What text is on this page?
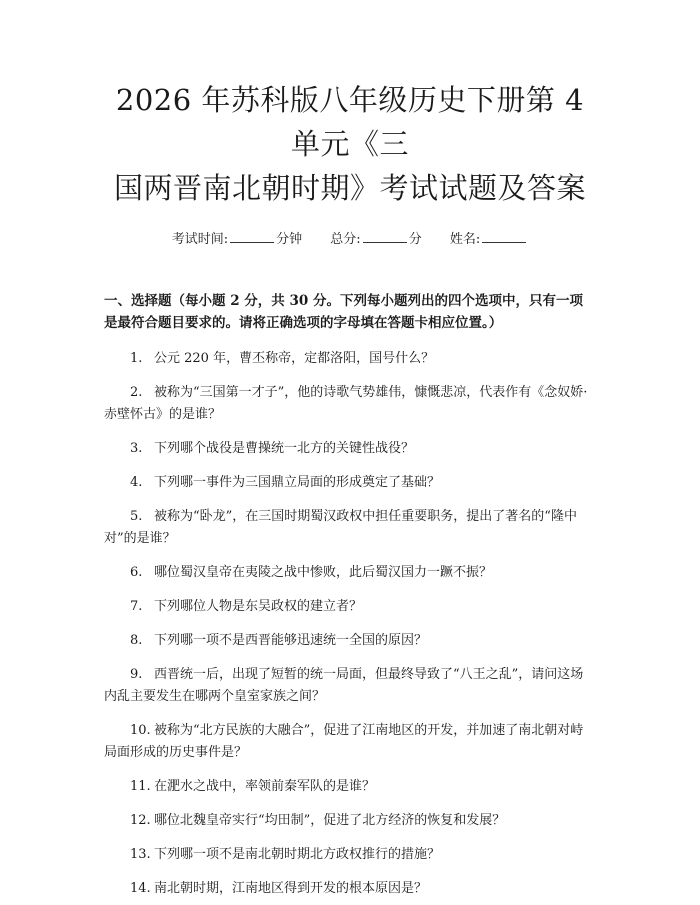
2026 年苏科版八年级历史下册第 4 单元《三
国两晋南北朝时期》考试试题及答案
考试时间:	分钟 总分:	分 姓名:
一、选择题（每小题 2 分，共 30 分。下列每小题列出的四个选项中，只有一项是最符合题目要求的。请将正确选项的字母填在答题卡相应位置。）
1. 公元 220 年，曹丕称帝，定都洛阳，国号什么？
2. 被称为“三国第一才子”，他的诗歌气势雄伟，慷慨悲凉，代表作有《念奴娇·赤壁怀古》的是谁？
3. 下列哪个战役是曹操统一北方的关键性战役？
4. 下列哪一事件为三国鼎立局面的形成奠定了基础？
5. 被称为“卧龙”，在三国时期蜀汉政权中担任重要职务，提出了著名的“隆中对”的是谁？
6. 哪位蜀汉皇帝在夷陵之战中惨败，此后蜀汉国力一蹶不振？
7. 下列哪位人物是东吴政权的建立者？
8. 下列哪一项不是西晋能够迅速统一全国的原因？
9. 西晋统一后，出现了短暂的统一局面，但最终导致了“八王之乱”，请问这场内乱主要发生在哪两个皇室家族之间？
10. 被称为“北方民族的大融合”，促进了江南地区的开发，并加速了南北朝对峙局面形成的历史事件是？
11. 在淝水之战中，率领前秦军队的是谁？
12. 哪位北魏皇帝实行“均田制”，促进了北方经济的恢复和发展？
13. 下列哪一项不是南北朝时期北方政权推行的措施？
14. 南北朝时期，江南地区得到开发的根本原因是？
